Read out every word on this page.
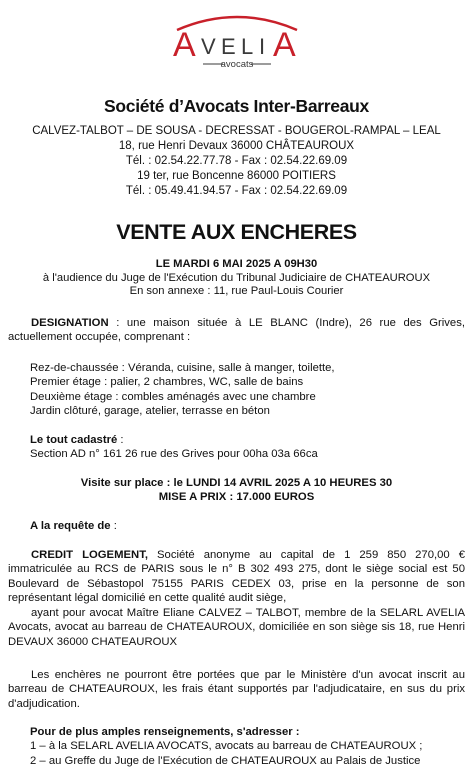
A V E L I A
avocats
Société d’Avocats Inter-Barreaux
CALVEZ-TALBOT – DE SOUSA - DECRESSAT - BOUGEROL-RAMPAL – LEAL
18, rue Henri Devaux 36000 CHÂTEAUROUX
Tél. : 02.54.22.77.78 - Fax : 02.54.22.69.09
19 ter, rue Boncenne 86000 POITIERS
Tél. : 05.49.41.94.57 - Fax : 02.54.22.69.09
VENTE AUX ENCHERES
LE MARDI 6 MAI 2025 A 09H30
à l'audience du Juge de l'Exécution du Tribunal Judiciaire de CHATEAUROUX
En son annexe : 11, rue Paul-Louis Courier
DESIGNATION : une maison située à LE BLANC (Indre), 26 rue des Grives, actuellement occupée, comprenant :
Rez-de-chaussée : Véranda, cuisine, salle à manger, toilette,
Premier étage : palier, 2 chambres, WC, salle de bains
Deuxième étage : combles aménagés avec une chambre
Jardin clôturé, garage, atelier, terrasse en béton
Le tout cadastré :
Section AD n° 161 26 rue des Grives pour 00ha 03a 66ca
Visite sur place : le LUNDI 14 AVRIL 2025 A 10 HEURES 30
MISE A PRIX : 17.000 EUROS
A la requête de :
CREDIT LOGEMENT, Société anonyme au capital de 1 259 850 270,00 € immatriculée au RCS de PARIS sous le n° B 302 493 275, dont le siège social est 50 Boulevard de Sébastopol 75155 PARIS CEDEX 03, prise en la personne de son représentant légal domicilié en cette qualité audit siège,
ayant pour avocat Maître Eliane CALVEZ – TALBOT, membre de la SELARL AVELIA Avocats, avocat au barreau de CHATEAUROUX, domiciliée en son siège sis 18, rue Henri DEVAUX 36000 CHATEAUROUX
Les enchères ne pourront être portées que par le Ministère d'un avocat inscrit au barreau de CHATEAUROUX, les frais étant supportés par l'adjudicataire, en sus du prix d'adjudication.
Pour de plus amples renseignements, s'adresser :
1 – à la SELARL AVELIA AVOCATS, avocats au barreau de CHATEAUROUX ;
2 – au Greffe du Juge de l'Exécution de CHATEAUROUX au Palais de Justice
